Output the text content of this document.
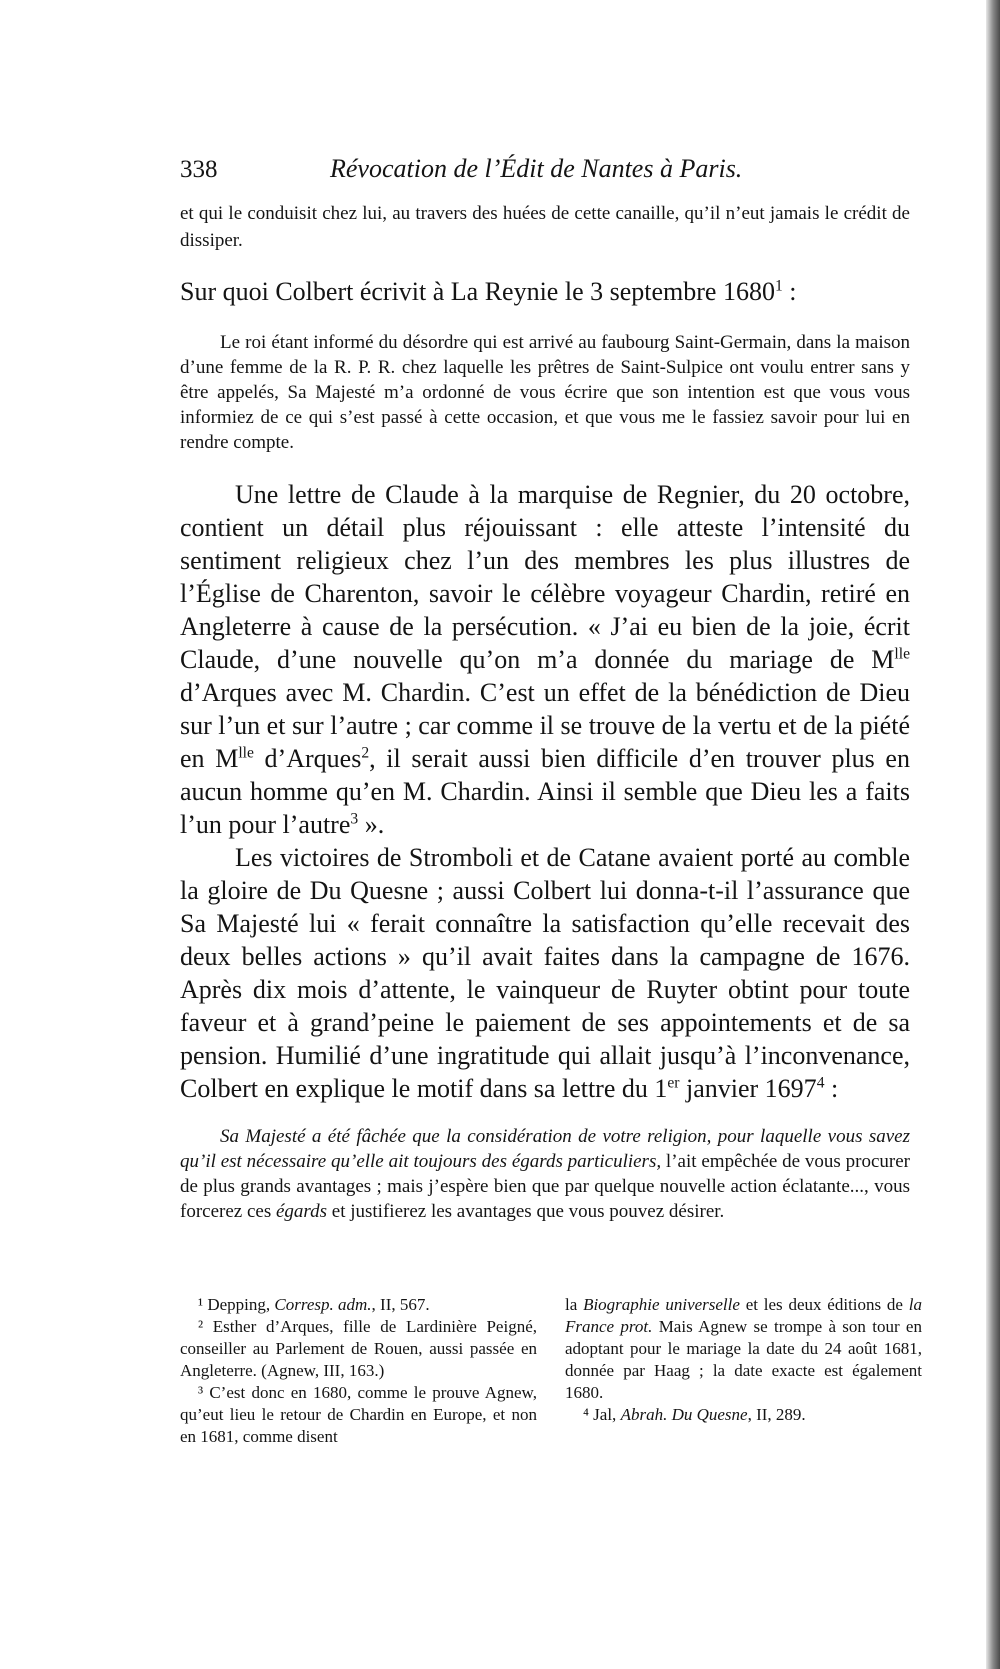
338	Révocation de l’Édit de Nantes à Paris.

et qui le conduisit chez lui, au travers des huées de cette canaille, qu’il n’eut jamais le crédit de dissiper.

Sur quoi Colbert écrivit à La Reynie le 3 septembre 1680$^1$ :

Le roi étant informé du désordre qui est arrivé au faubourg Saint-Germain, dans la maison d’une femme de la R. P. R. chez laquelle les prêtres de Saint-Sulpice ont voulu entrer sans y être appelés, Sa Majesté m’a ordonné de vous écrire que son intention est que vous vous informiez de ce qui s’est passé à cette occasion, et que vous me le fassiez savoir pour lui en rendre compte.

Une lettre de Claude à la marquise de Regnier, du 20 octobre, contient un détail plus réjouissant : elle atteste l’intensité du sentiment religieux chez l’un des membres les plus illustres de l’Église de Charenton, savoir le célèbre voyageur Chardin, retiré en Angleterre à cause de la persécution. « J’ai eu bien de la joie, écrit Claude, d’une nouvelle qu’on m’a donnée du mariage de $M^{lle}$ d’Arques avec M. Chardin. C’est un effet de la bénédiction de Dieu sur l’un et sur l’autre ; car comme il se trouve de la vertu et de la piété en $M^{lle}$ d’Arques$^2$, il serait aussi bien difficile d’en trouver plus en aucun homme qu’en M. Chardin. Ainsi il semble que Dieu les a faits l’un pour l’autre$^3$ ».

Les victoires de Stromboli et de Catane avaient porté au comble la gloire de Du Quesne ; aussi Colbert lui donna-t-il l’assurance que Sa Majesté lui « ferait connaître la satisfaction qu’elle recevait des deux belles actions » qu’il avait faites dans la campagne de 1676. Après dix mois d’attente, le vainqueur de Ruyter obtint pour toute faveur et à grand’peine le paiement de ses appointements et de sa pension. Humilié d’une ingratitude qui allait jusqu’à l’inconvenance, Colbert en explique le motif dans sa lettre du 1er janvier 1697$^4$ :

Sa Majesté a été fâchée que la considération de votre religion, pour laquelle vous savez qu’il est nécessaire qu’elle ait toujours des égards particuliers, l’ait empêchée de vous procurer de plus grands avantages ; mais j’espère bien que par quelque nouvelle action éclatante..., vous forcerez ces égards et justifierez les avantages que vous pouvez désirer.

¹ Depping, Corresp. adm., II, 567.

² Esther d’Arques, fille de Lardinière Peigné, conseiller au Parlement de Rouen, aussi passée en Angleterre. (Agnew, III, 163.)

³ C’est donc en 1680, comme le prouve Agnew, qu’eut lieu le retour de Chardin en Europe, et non en 1681, comme disent

la Biographie universelle et les deux éditions de la France prot. Mais Agnew se trompe à son tour en adoptant pour le mariage la date du 24 août 1681, donnée par Haag ; la date exacte est également 1680.

⁴ Jal, Abrah. Du Quesne, II, 289.
